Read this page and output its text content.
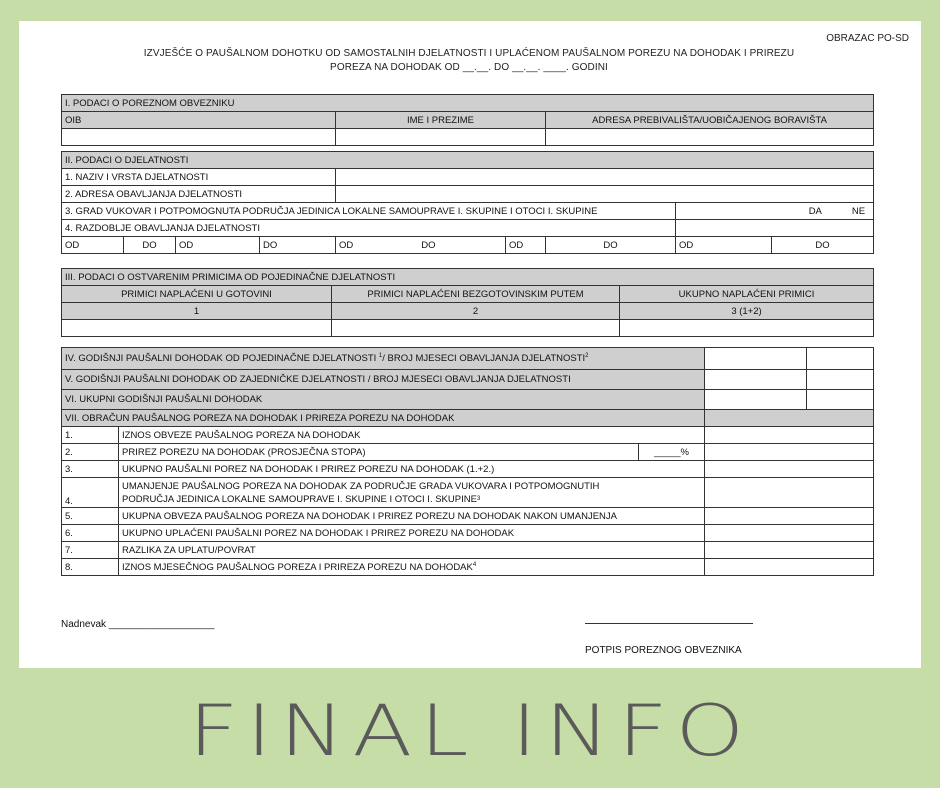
OBRAZAC PO-SD
IZVJEŠĆE O PAUŠALNOM DOHOTKU OD SAMOSTALNIH DJELATNOSTI I UPLAĆENOM PAUŠALNOM POREZU NA DOHODAK I PRIREZU POREZA NA DOHODAK OD __.__. DO __.__. ____. GODINI
I. PODACI O POREZNOM OBVEZNIKU								
OIB				IME I PREZIME		ADRESA PREBIVALIŠTA/UOBIČAJENOG BORAVIŠTA		

II. PODACI O DJELATNOSTI								
1. NAZIV I VRSTA DJELATNOSTI								
2. ADRESA OBAVLJANJA DJELATNOSTI								
3. GRAD VUKOVAR I POTPOMOGNUTA PODRUČJA JEDINICA LOKALNE SAMOUPRAVE I. SKUPINE I OTOCI I. SKUPINE							DA NE	
4. RAZDOBLJE OBAVLJANJA DJELATNOSTI								
OD	DO	OD	DO	OD DO	OD	DO	OD	DO
III. PODACI O OSTVARENIM PRIMICIMA OD POJEDINAČNE DJELATNOSTI		
PRIMICI NAPLAĆENI U GOTOVINI	PRIMICI NAPLAĆENI BEZGOTOVINSKIM PUTEM	UKUPNO NAPLAĆENI PRIMICI
1	2	3 (1+2)

IV. GODIŠNJI PAUŠALNI DOHODAK OD POJEDINAČNE DJELATNOSTI $^1$/ BROJ MJESECI OBAVLJANJA DJELATNOSTI$^2$		
V. GODIŠNJI PAUŠALNI DOHODAK OD ZAJEDNIČKE DJELATNOSTI / BROJ MJESECI OBAVLJANJA DJELATNOSTI				
VI. UKUPNI GODIŠNJI PAUŠALNI DOHODAK				
VII. OBRAČUN PAUŠALNOG POREZA NA DOHODAK I PRIREZA POREZU NA DOHODAK				
1.	IZNOS OBVEZE PAUŠALNOG POREZA NA DOHODAK			
2.	PRIREZ POREZU NA DOHODAK (PROSJEČNA STOPA)	_____%		
3.	UKUPNO PAUŠALNI POREZ NA DOHODAK I PRIREZ POREZU NA DOHODAK (1.+2.)			
4.	UMANJENJE PAUŠALNOG POREZA NA DOHODAK ZA PODRUČJE GRADA VUKOVARA I POTPOMOGNUTIH
PODRUČJA JEDINICA LOKALNE SAMOUPRAVE I. SKUPINE I OTOCI I. SKUPINE$^3$	
5.	UKUPNA OBVEZA PAUŠALNOG POREZA NA DOHODAK I PRIREZ POREZU NA DOHODAK NAKON UMANJENJA			
6.	UKUPNO UPLAĆENI PAUŠALNI POREZ NA DOHODAK I PRIREZ POREZU NA DOHODAK			
7.	RAZLIKA ZA UPLATU/POVRAT			
8.	IZNOS MJESEČNOG PAUŠALNOG POREZA I PRIREZA POREZU NA DOHODAK$^4$	
Nadnevak ___________________
POTPIS POREZNOG OBVEZNIKA
FINAL INFO
